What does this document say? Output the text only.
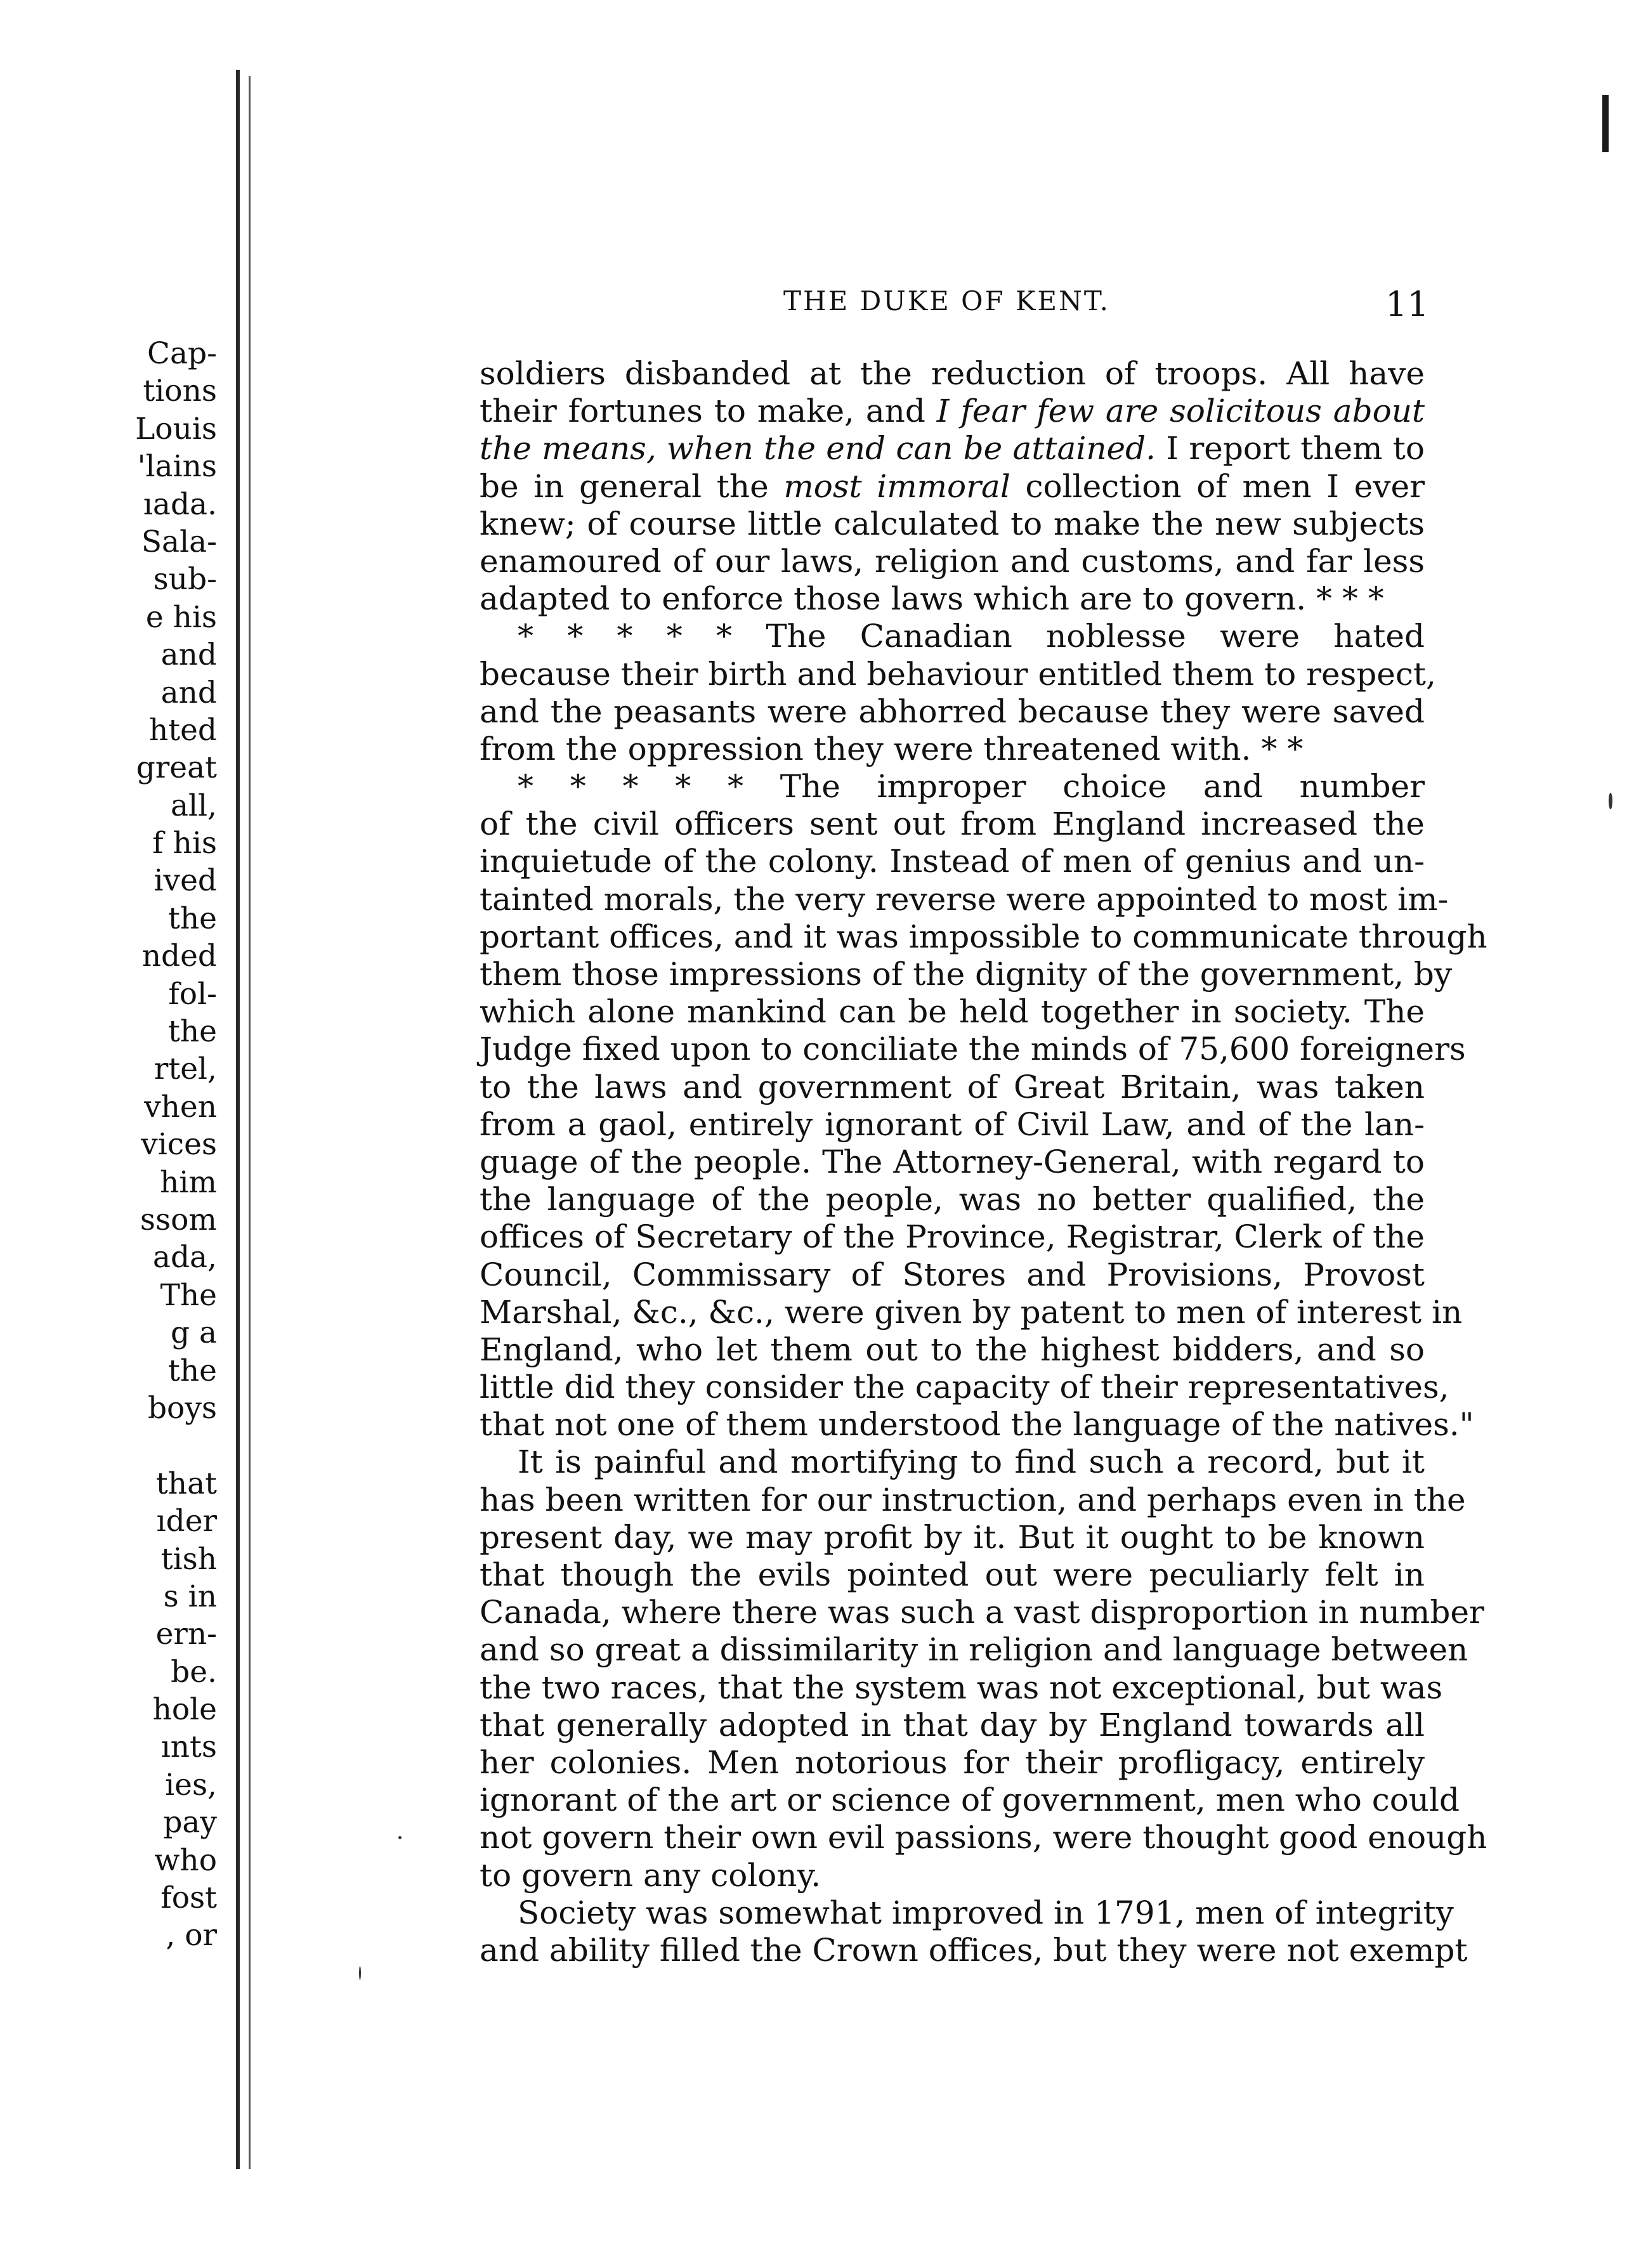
Cap-
tions
Louis
'lains
ıada.
Sala-
sub-
e his
and
and
hted
great
all,
f his
ived
the
nded
fol-
the
rtel,
vhen
vices
him
ssom
ada,
The
g a
the
boys
that
ıder
tish
s in
ern-
be.
hole
ınts
ies,
pay
who
fost
, or
THE DUKE OF KENT.	11
soldiers disbanded at the reduction of troops. All have
their fortunes to make, and I fear few are solicitous about
the means, when the end can be attained. I report them to
be in general the most immoral collection of men I ever
knew; of course little calculated to make the new subjects
enamoured of our laws, religion and customs, and far less
adapted to enforce those laws which are to govern. * * *
* * * * * The Canadian noblesse were hated
because their birth and behaviour entitled them to respect,
and the peasants were abhorred because they were saved
from the oppression they were threatened with. * *
* * * * * The improper choice and number
of the civil officers sent out from England increased the
inquietude of the colony. Instead of men of genius and un-
tainted morals, the very reverse were appointed to most im-
portant offices, and it was impossible to communicate through
them those impressions of the dignity of the government, by
which alone mankind can be held together in society. The
Judge fixed upon to conciliate the minds of 75,600 foreigners
to the laws and government of Great Britain, was taken
from a gaol, entirely ignorant of Civil Law, and of the lan-
guage of the people. The Attorney-General, with regard to
the language of the people, was no better qualified, the
offices of Secretary of the Province, Registrar, Clerk of the
Council, Commissary of Stores and Provisions, Provost
Marshal, &c., &c., were given by patent to men of interest in
England, who let them out to the highest bidders, and so
little did they consider the capacity of their representatives,
that not one of them understood the language of the natives."
It is painful and mortifying to find such a record, but it
has been written for our instruction, and perhaps even in the
present day, we may profit by it. But it ought to be known
that though the evils pointed out were peculiarly felt in
Canada, where there was such a vast disproportion in number
and so great a dissimilarity in religion and language between
the two races, that the system was not exceptional, but was
that generally adopted in that day by England towards all
her colonies. Men notorious for their profligacy, entirely
ignorant of the art or science of government, men who could
not govern their own evil passions, were thought good enough
to govern any colony.
Society was somewhat improved in 1791, men of integrity
and ability filled the Crown offices, but they were not exempt
